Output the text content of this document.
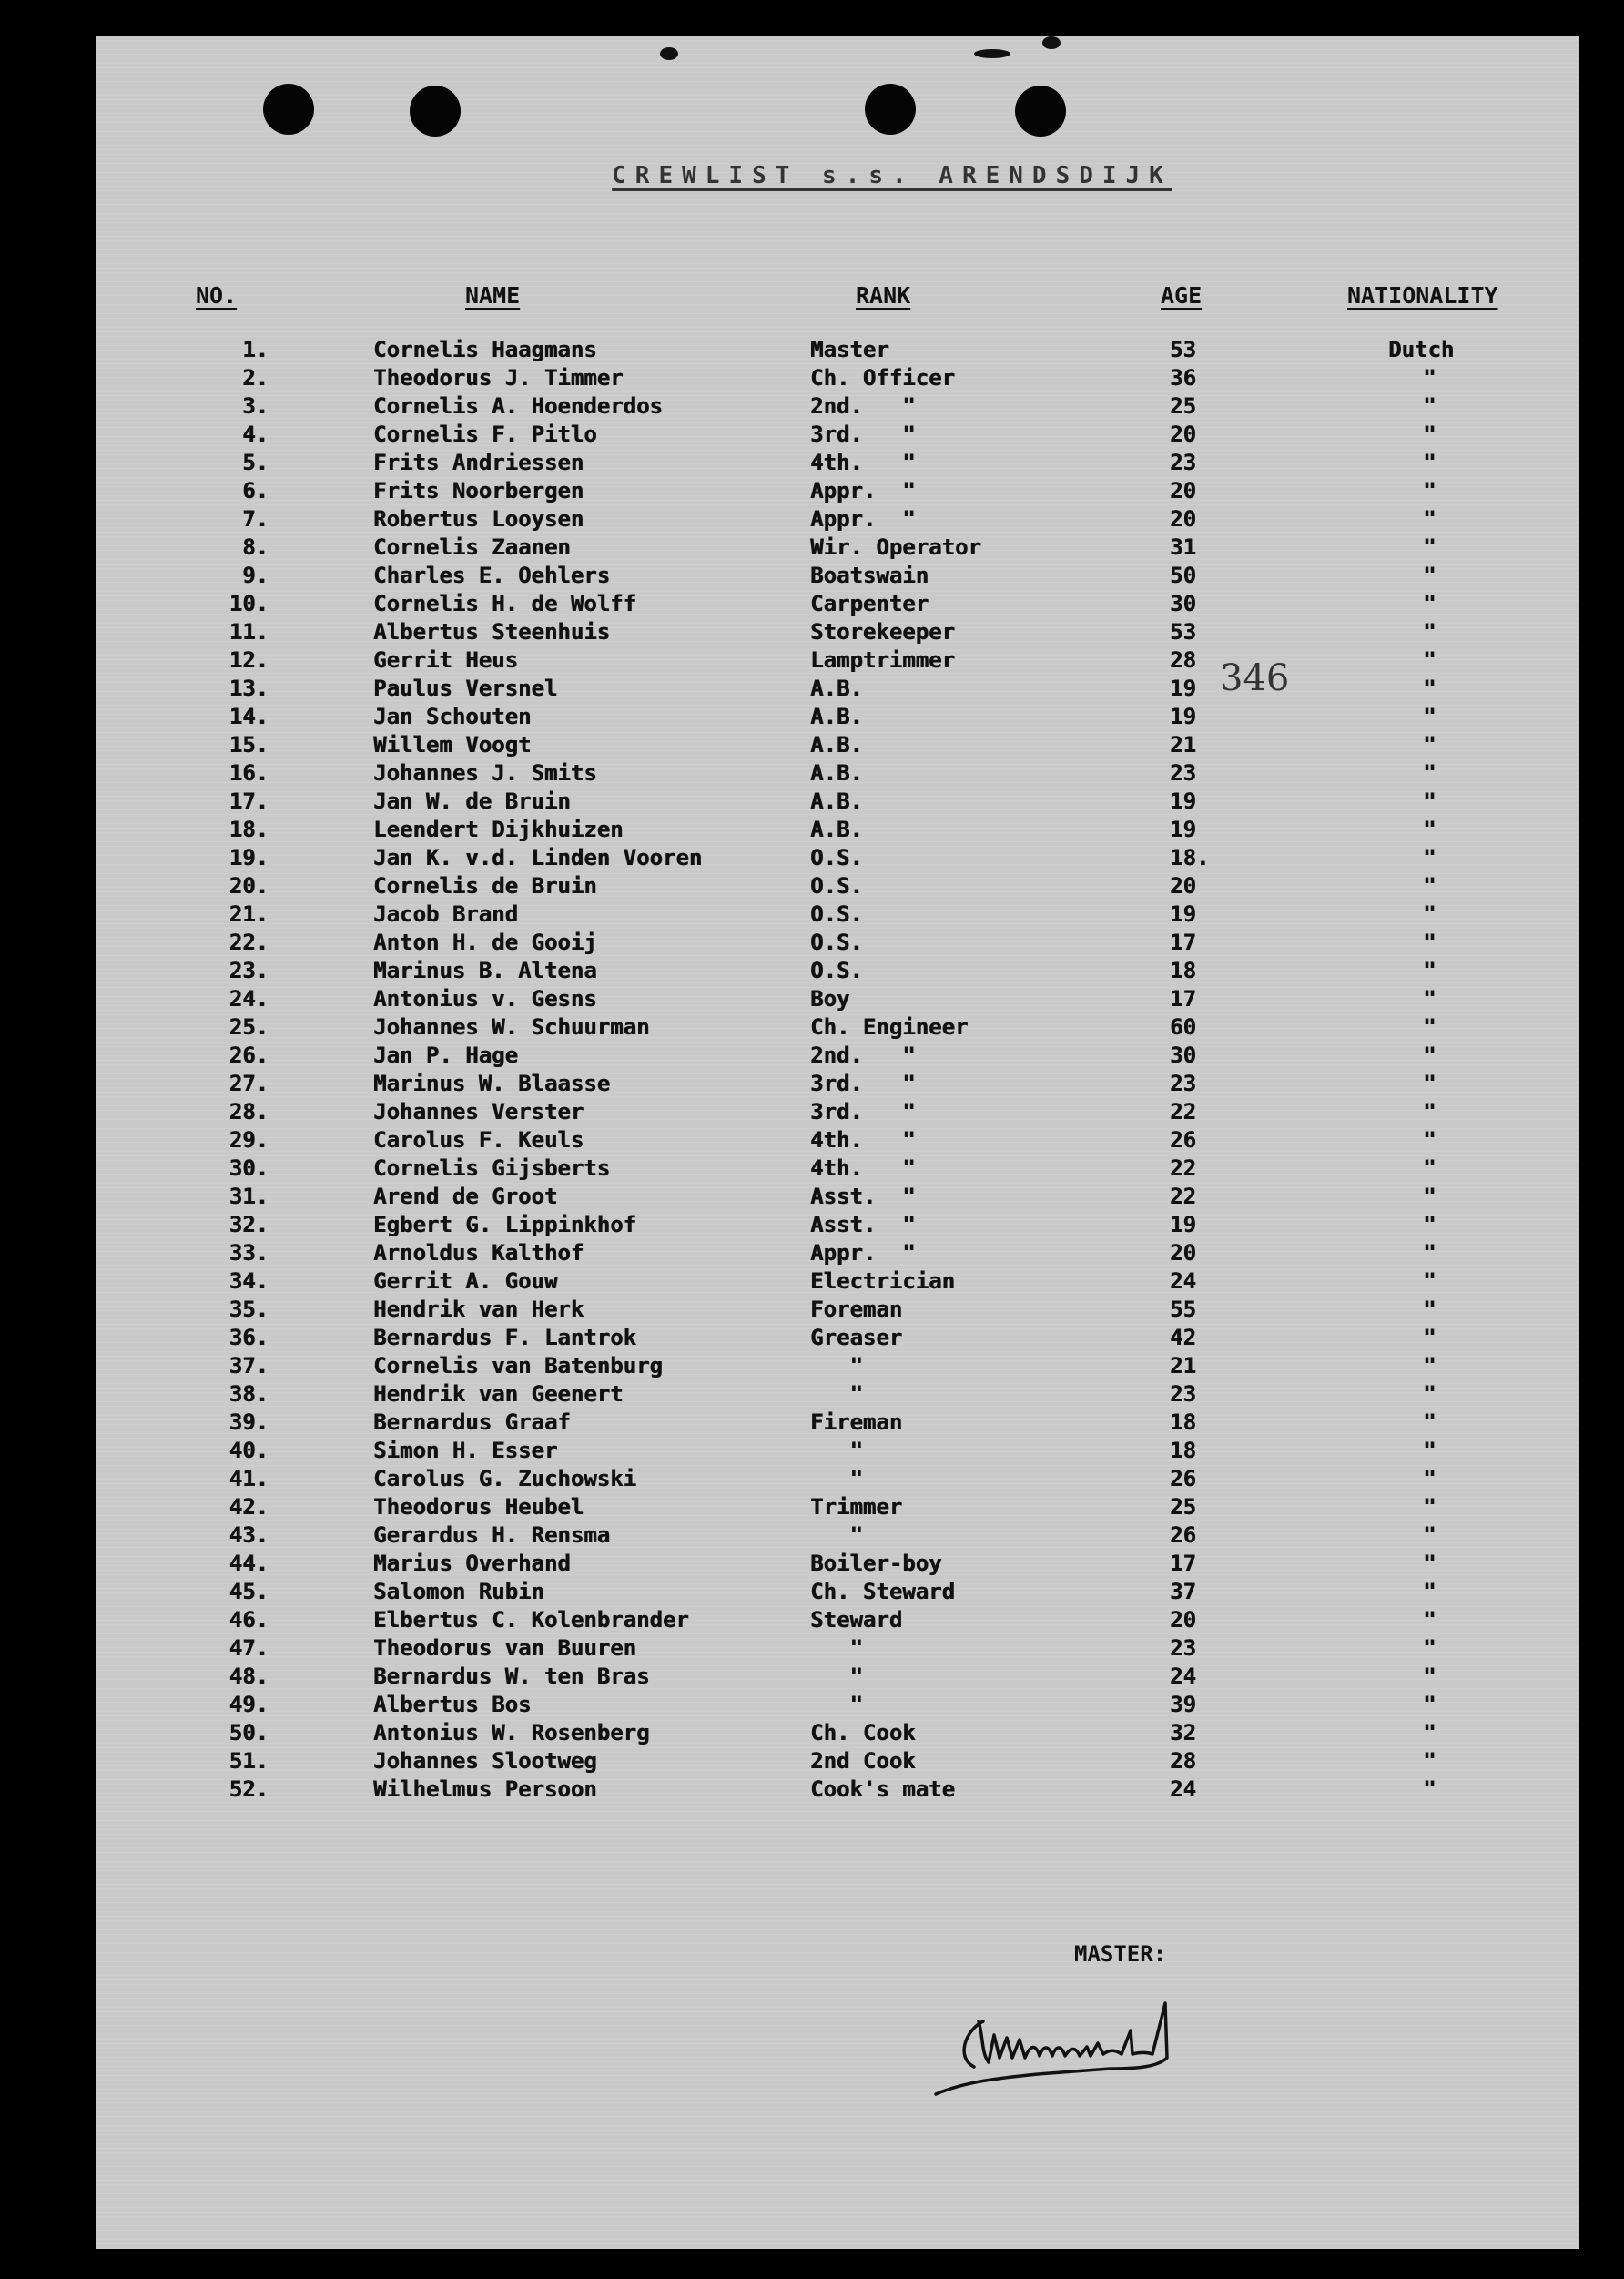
CREWLIST s.s. ARENDSDIJK
NO.	NAME	RANK	AGE	NATIONALITY
1.	Cornelis Haagmans	Master	53	Dutch
2.	Theodorus J. Timmer	Ch. Officer	36	"
3.	Cornelis A. Hoenderdos	2nd.   "	25	"
4.	Cornelis F. Pitlo	3rd.   "	20	"
5.	Frits Andriessen	4th.   "	23	"
6.	Frits Noorbergen	Appr.  "	20	"
7.	Robertus Looysen	Appr.  "	20	"
8.	Cornelis Zaanen	Wir. Operator	31	"
9.	Charles E. Oehlers	Boatswain	50	"
10.	Cornelis H. de Wolff	Carpenter	30	"
11.	Albertus Steenhuis	Storekeeper	53	"
12.	Gerrit Heus	Lamptrimmer	28	"
13.	Paulus Versnel	A.B.	19	"
14.	Jan Schouten	A.B.	19	"
15.	Willem Voogt	A.B.	21	"
16.	Johannes J. Smits	A.B.	23	"
17.	Jan W. de Bruin	A.B.	19	"
18.	Leendert Dijkhuizen	A.B.	19	"
19.	Jan K. v.d. Linden Vooren	O.S.	18.	"
20.	Cornelis de Bruin	O.S.	20	"
21.	Jacob Brand	O.S.	19	"
22.	Anton H. de Gooij	O.S.	17	"
23.	Marinus B. Altena	O.S.	18	"
24.	Antonius v. Gesns	Boy	17	"
25.	Johannes W. Schuurman	Ch. Engineer	60	"
26.	Jan P. Hage	2nd.   "	30	"
27.	Marinus W. Blaasse	3rd.   "	23	"
28.	Johannes Verster	3rd.   "	22	"
29.	Carolus F. Keuls	4th.   "	26	"
30.	Cornelis Gijsberts	4th.   "	22	"
31.	Arend de Groot	Asst.  "	22	"
32.	Egbert G. Lippinkhof	Asst.  "	19	"
33.	Arnoldus Kalthof	Appr.  "	20	"
34.	Gerrit A. Gouw	Electrician	24	"
35.	Hendrik van Herk	Foreman	55	"
36.	Bernardus F. Lantrok	Greaser	42	"
37.	Cornelis van Batenburg	"	21	"
38.	Hendrik van Geenert	"	23	"
39.	Bernardus Graaf	Fireman	18	"
40.	Simon H. Esser	"	18	"
41.	Carolus G. Zuchowski	"	26	"
42.	Theodorus Heubel	Trimmer	25	"
43.	Gerardus H. Rensma	"	26	"
44.	Marius Overhand	Boiler-boy	17	"
45.	Salomon Rubin	Ch. Steward	37	"
46.	Elbertus C. Kolenbrander	Steward	20	"
47.	Theodorus van Buuren	"	23	"
48.	Bernardus W. ten Bras	"	24	"
49.	Albertus Bos	"	39	"
50.	Antonius W. Rosenberg	Ch. Cook	32	"
51.	Johannes Slootweg	2nd Cook	28	"
52.	Wilhelmus Persoon	Cook's mate	24	"
346
MASTER:
